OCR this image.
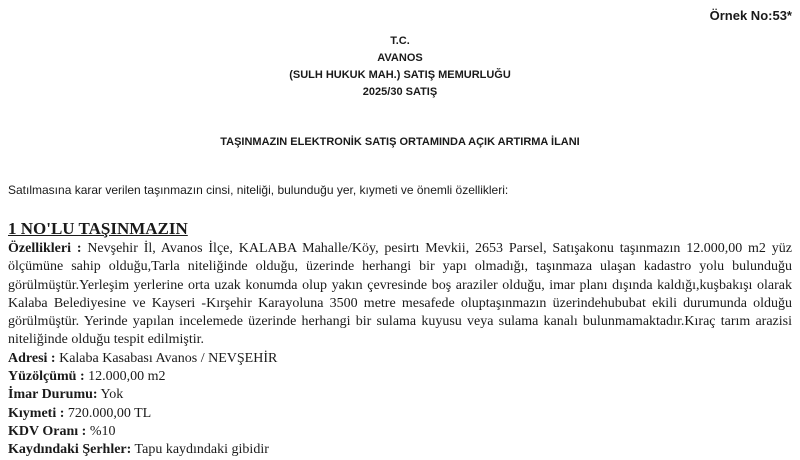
Örnek No:53*
T.C.
AVANOS
(SULH HUKUK MAH.) SATIŞ MEMURLUĞU
2025/30 SATIŞ
TAŞINMAZIN ELEKTRONİK SATIŞ ORTAMINDA AÇIK ARTIRMA İLANI
Satılmasına karar verilen taşınmazın cinsi, niteliği, bulunduğu yer, kıymeti ve önemli özellikleri:
1 NO'LU TAŞINMAZIN
Özellikleri : Nevşehir İl, Avanos İlçe, KALABA Mahalle/Köy, pesirtı Mevkii, 2653 Parsel, Satışakonu taşınmazın 12.000,00 m2 yüz ölçümüne sahip olduğu,Tarla niteliğinde olduğu, üzerinde herhangi bir yapı olmadığı, taşınmaza ulaşan kadastro yolu bulunduğu görülmüştür.Yerleşim yerlerine orta uzak konumda olup yakın çevresinde boş araziler olduğu, imar planı dışında kaldığı,kuşbakışı olarak Kalaba Belediyesine ve Kayseri -Kırşehir Karayoluna 3500 metre mesafede oluptaşınmazın üzerindehububat ekili durumunda olduğu görülmüştür. Yerinde yapılan incelemede üzerinde herhangi bir sulama kuyusu veya sulama kanalı bulunmamaktadır.Kıraç tarım arazisi niteliğinde olduğu tespit edilmiştir.
Adresi : Kalaba Kasabası Avanos / NEVŞEHİR
Yüzölçümü : 12.000,00 m2
İmar Durumu: Yok
Kıymeti : 720.000,00 TL
KDV Oranı : %10
Kaydındaki Şerhler: Tapu kaydındaki gibidir
